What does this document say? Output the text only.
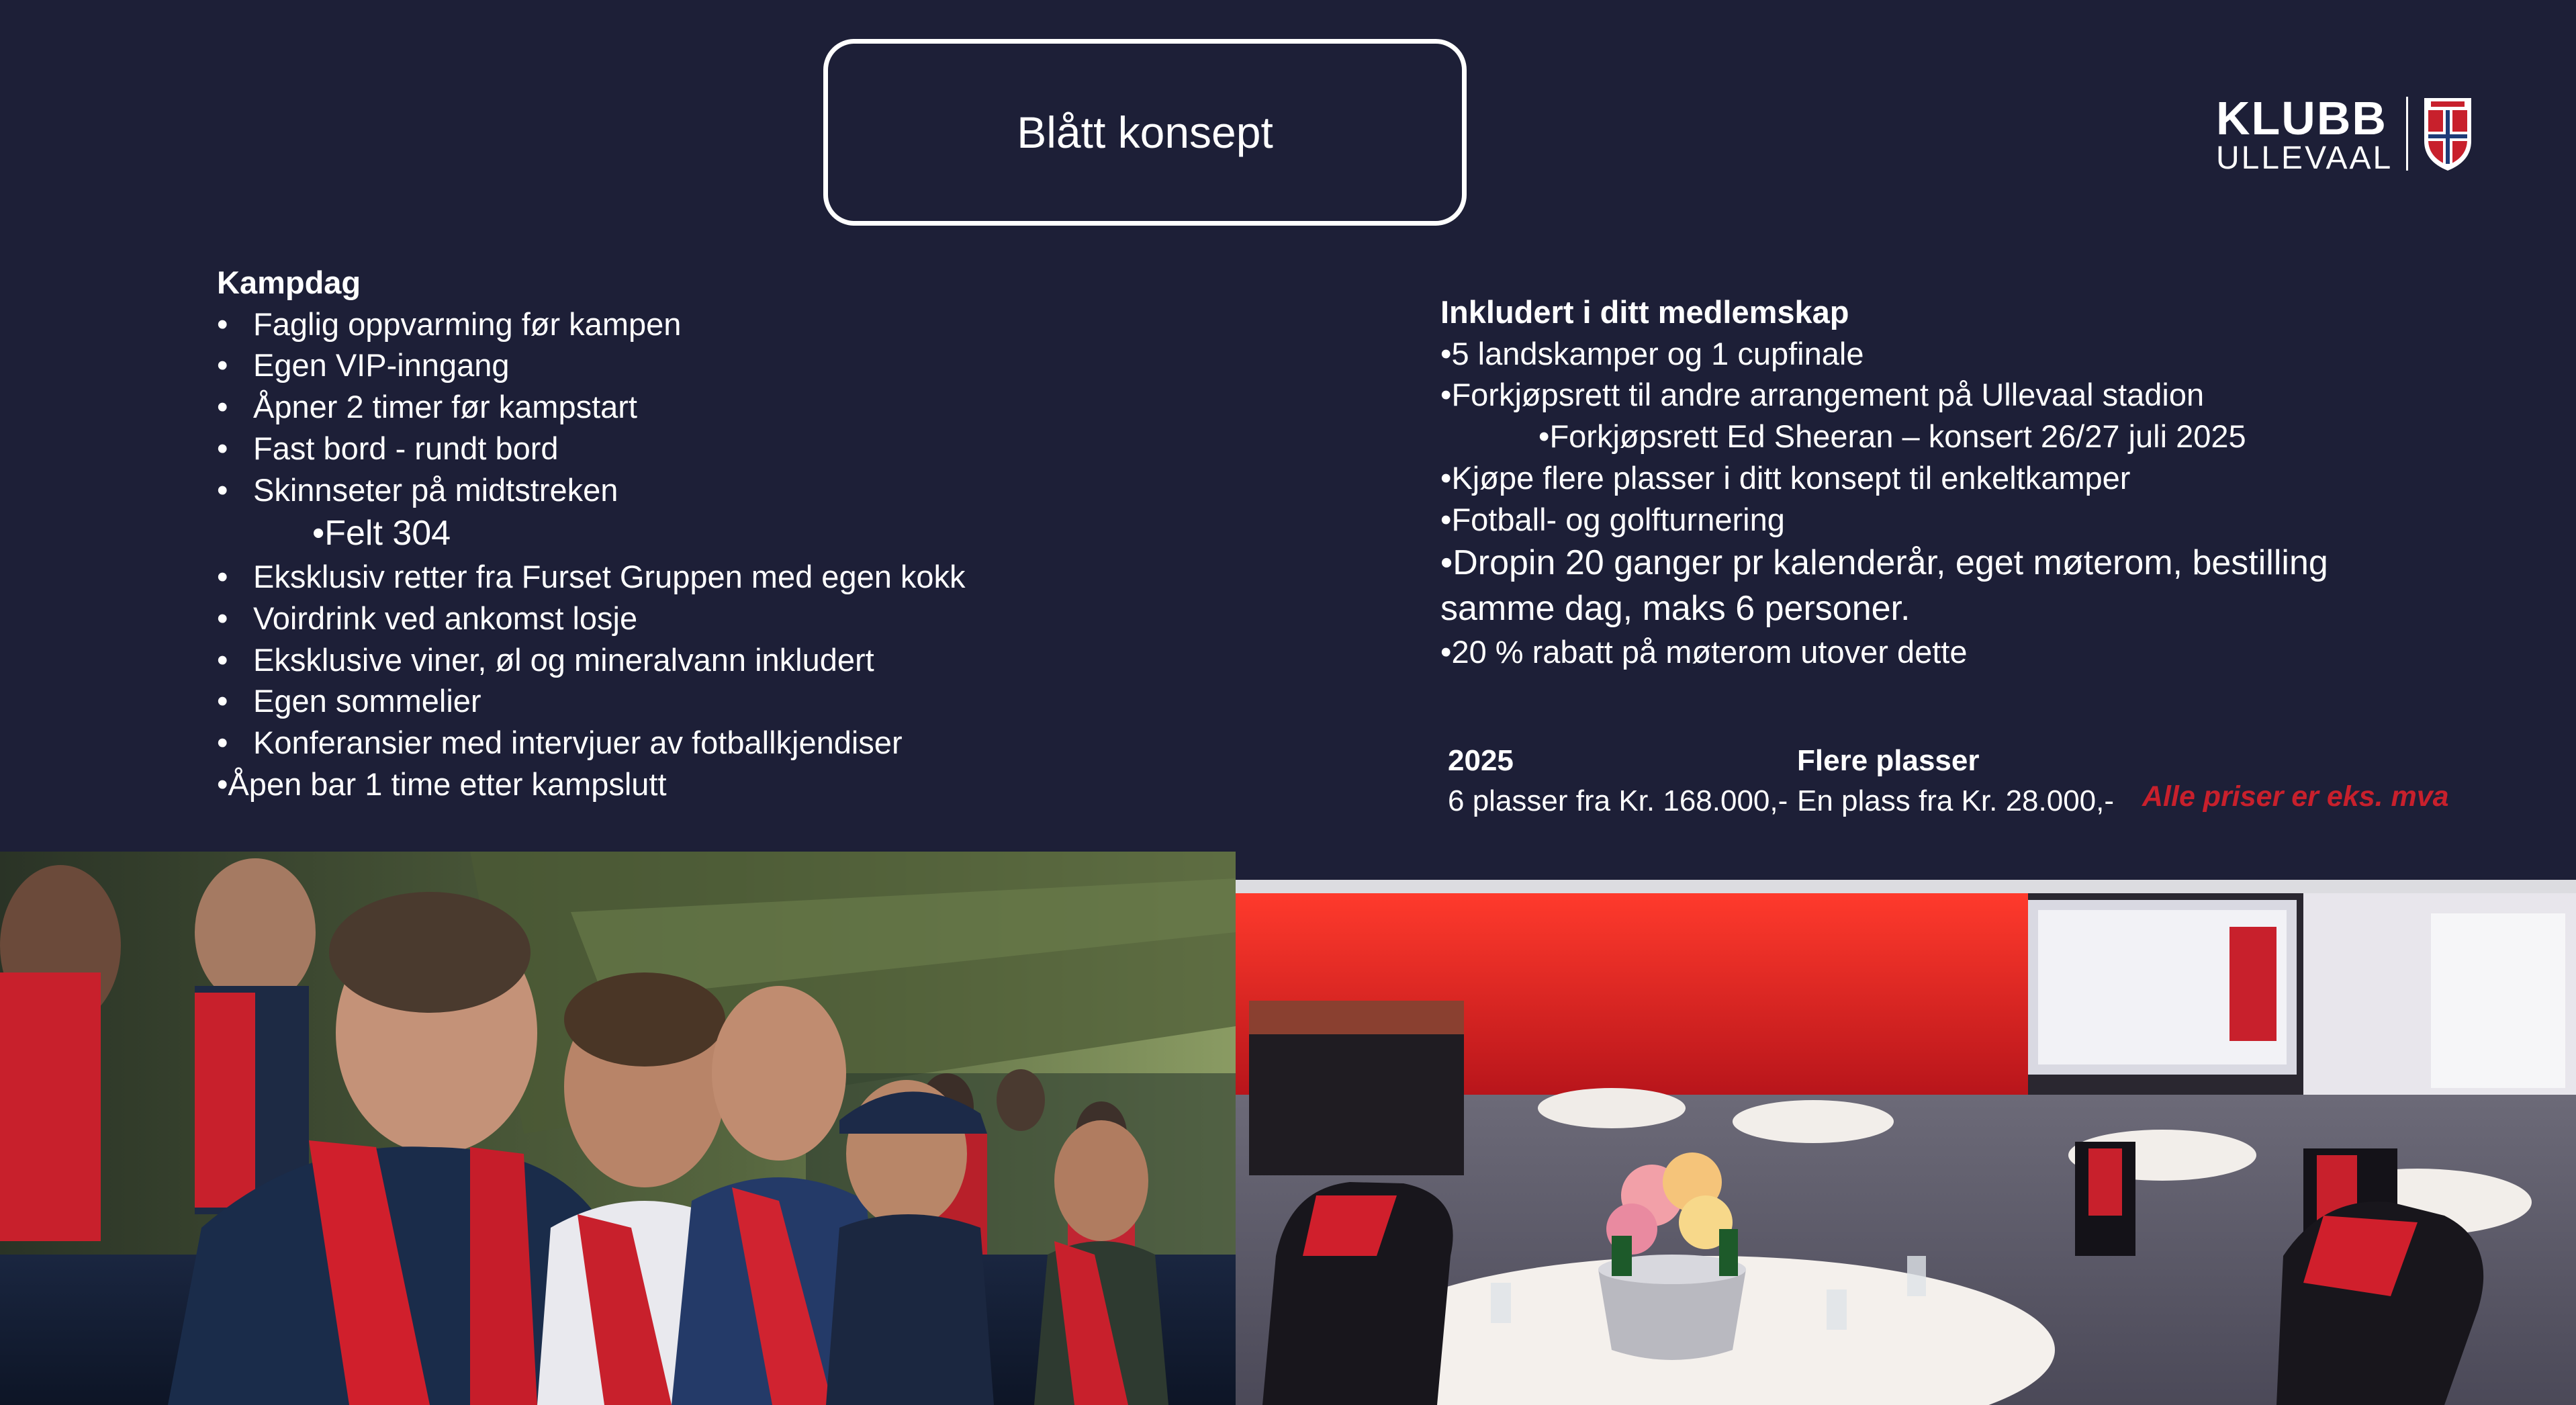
Blått konsept	KLUBB
ULLEVAAL
Kampdag
• Faglig oppvarming før kampen
• Egen VIP-inngang
• Åpner 2 timer før kampstart
• Fast bord - rundt bord
• Skinnseter på midtstreken
•Felt 304
• Eksklusiv retter fra Furset Gruppen med egen kokk
• Voirdrink ved ankomst losje
• Eksklusive viner, øl og mineralvann inkludert
• Egen sommelier
• Konferansier med intervjuer av fotballkjendiser
•Åpen bar 1 time etter kampslutt
Inkludert i ditt medlemskap
•5 landskamper og 1 cupfinale
•Forkjøpsrett til andre arrangement på Ullevaal stadion
•Forkjøpsrett Ed Sheeran – konsert 26/27 juli 2025
•Kjøpe flere plasser i ditt konsept til enkeltkamper
•Fotball- og golfturnering
•Dropin 20 ganger pr kalenderår, eget møterom, bestilling
samme dag, maks 6 personer.
•20 % rabatt på møterom utover dette
2025
6 plasser fra Kr. 168.000,-
Flere plasser
En plass fra Kr. 28.000,- Alle priser er eks. mva
